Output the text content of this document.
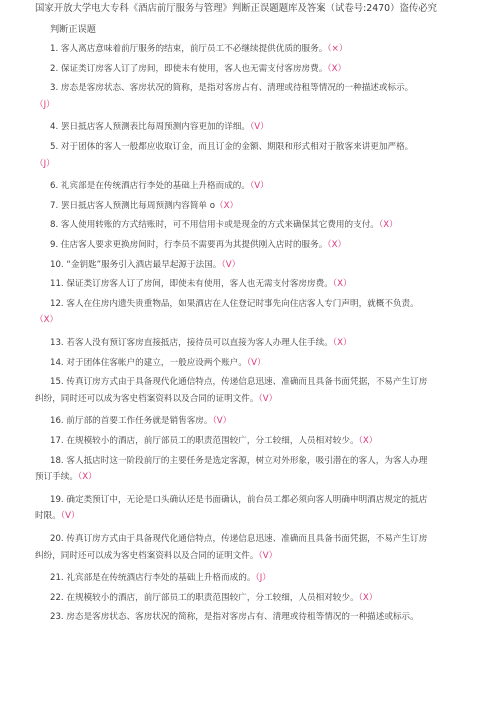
国家开放大学电大专科《酒店前厅服务与管理》判断正误题题库及答案（试卷号:2470）盗传必究
判断正误题
1. 客人离店意味着前厅服务的结束，前厅员工不必继续提供优质的服务。（×）
2. 保证类订房客人订了房间，即使未有使用，客人也无需支付客房房费。（X）
3. 房态是客房状态、客房状况的简称，是指对客房占有、清理或待租等情况的一种描述或标示。
（J）
4. 罢日抵店客人预测表比每周预测内容更加的详细。（V）
5. 对于团体的客人一般都应收取订金，而且订金的金额、期限和形式相对于散客来讲更加严格。
（J）
6. 礼宾部是在传统酒店行李处的基础上升格而成的。（V）
7. 罢日抵店客人预测比每周预测内容简单 o（X）
8. 客人使用转账的方式结账时，可不用信用卡或是现金的方式来确保其它费用的支付。（X）
9. 住店客人要求更换房间时，行李员不需要再为其提供刚入店时的服务。（X）
10. “金钥匙”服务引入酒店最早起源于法国。（V）
11. 保证类订房客人订了房间，即使未有使用，客人也无需支付客房房费。（X）
12. 客人在住房内遗失贵重物品，如果酒店在人住登记时事先向住店客人专门声明，就概不负责。
（X）
13. 若客人没有预订客房直接抵店，接待员可以直接为客人办理人住手续。（X）
14. 对于团体住客帐户的建立，一般应设两个账户。（V）
15. 传真订房方式由于具备现代化通信特点，传递信息迅速、准确而且具备书面凭据，不易产生订房
纠纷，同时还可以成为客史档案资料以及合同的证明文件。（V）
16. 前厅部的首要工作任务就是销售客房。（V）
17. 在规模较小的酒店，前厅部员工的职责范围较广，分工较细，人员相对较少。（X）
18. 客人抵店时这一阶段前厅的主要任务是选定客源，树立对外形象，吸引潜在的客人，为客人办理
预订手续。（X）
19. 确定类预订中，无论是口头确认还是书面确认，前台员工都必须向客人明确申明酒店规定的抵店
时限。（V）
20. 传真订房方式由于具备现代化通信特点，传递信息迅速、准确而且具备书面凭据，不易产生订房
纠纷，同时还可以成为客史档案资料以及合同的证明文件。（V）
21. 礼宾部是在传统酒店行李处的基础上升格而成的。（J）
22. 在规模较小的酒店，前厅部员工的职责范围较广，分工较细，人员相对较少。（X）
23. 房态是客房状态、客房状况的简称，是指对客房占有、清理或待租等情况的一种描述或标示。
